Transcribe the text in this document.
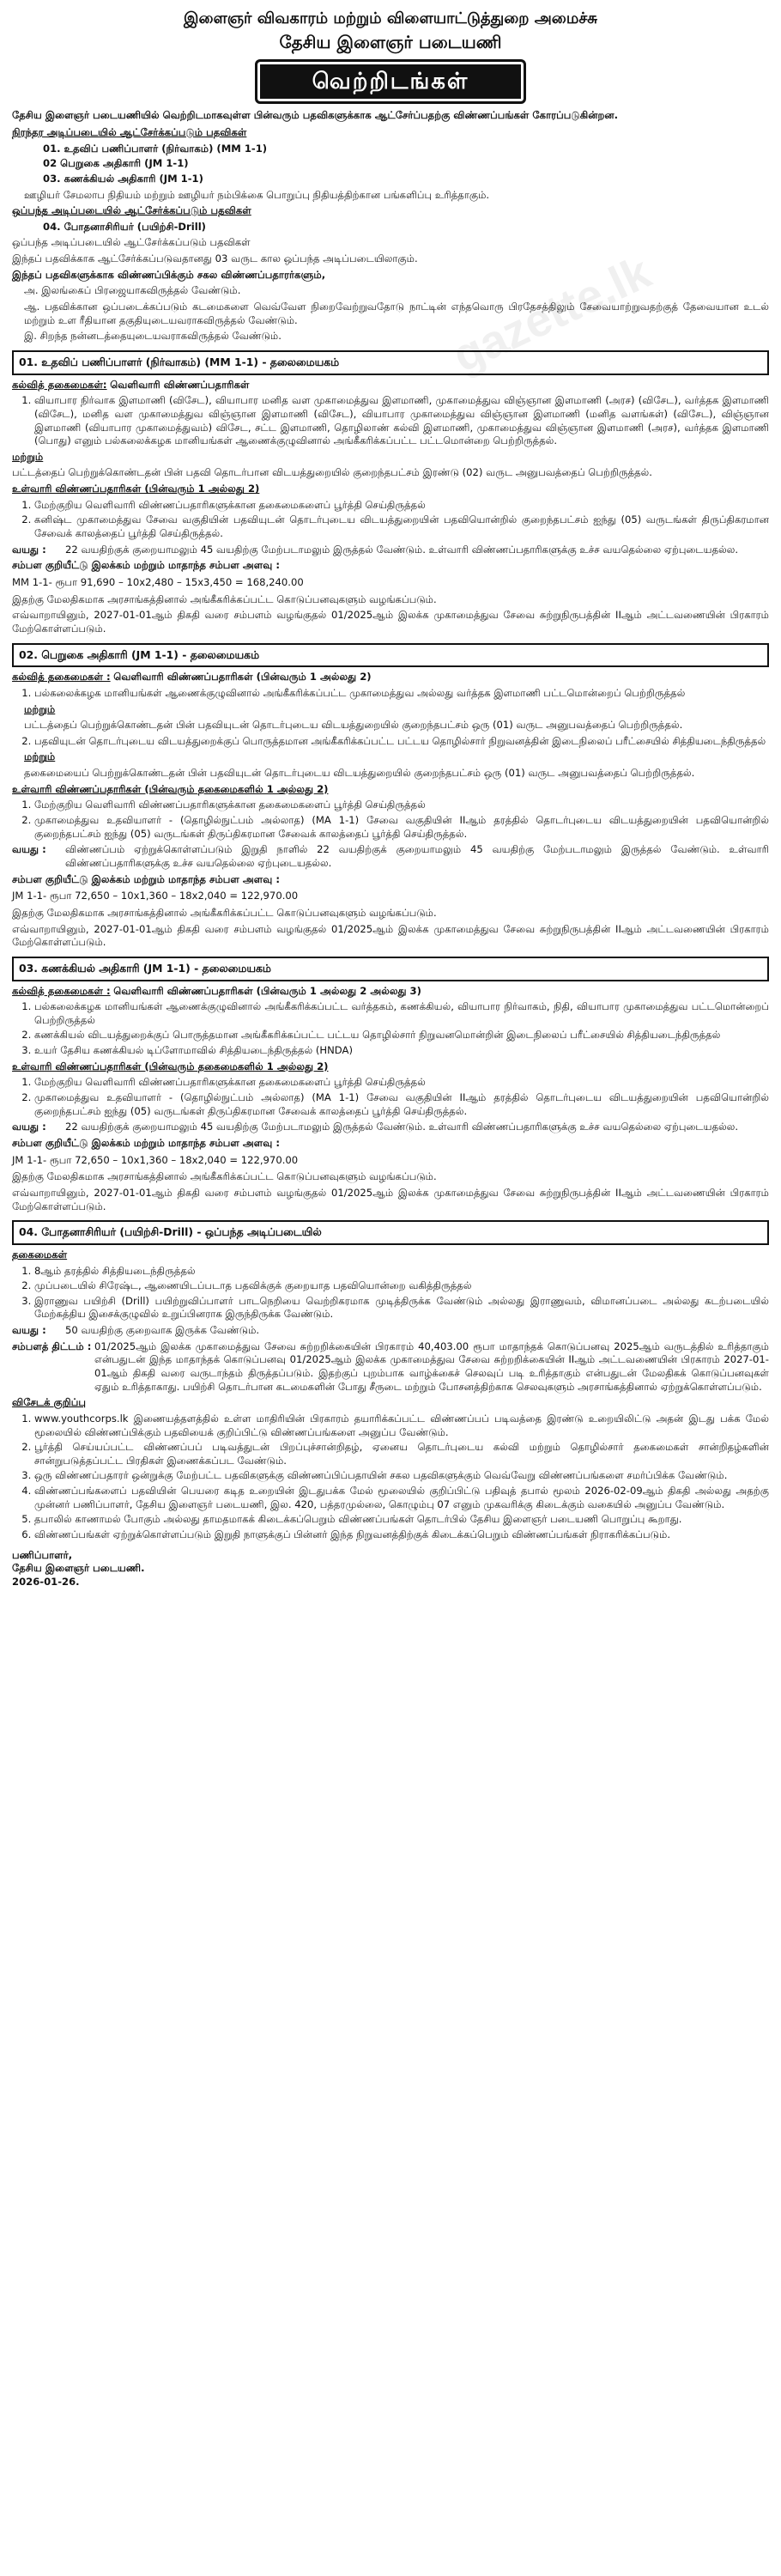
gazette.lk
இளைஞர் விவகாரம் மற்றும் விளையாட்டுத்துறை அமைச்சு
தேசிய இளைஞர் படையணி
வெற்றிடங்கள்

தேசிய இளைஞர் படையணியில் வெற்றிடமாகவுள்ள பின்வரும் பதவிகளுக்காக ஆட்சேர்ப்பதற்கு விண்ணப்பங்கள் கோரப்படுகின்றன.

நிரந்தர அடிப்படையில் ஆட்சேர்க்கப்படும் பதவிகள்

01. உதவிப் பணிப்பாளர் (நிர்வாகம்) (MM 1-1)

02 பெறுகை அதிகாரி (JM 1-1)

03. கணக்கியல் அதிகாரி (JM 1-1)

ஊழியர் சேமலாப நிதியம் மற்றும் ஊழியர் நம்பிக்கை பொறுப்பு நிதியத்திற்கான பங்களிப்பு உரித்தாகும்.

ஒப்பந்த அடிப்படையில் ஆட்சேர்க்கப்படும் பதவிகள்

04. போதனாசிரியர் (பயிற்சி-Drill)

ஒப்பந்த அடிப்படையில் ஆட்சேர்க்கப்படும் பதவிகள்

இந்தப் பதவிக்காக ஆட்சேர்க்கப்படுவதானது 03 வருட கால ஒப்பந்த அடிப்படையிலாகும்.

இந்தப் பதவிகளுக்காக விண்ணப்பிக்கும் சகல விண்ணப்பதாரர்களும்,

அ. இலங்கைப் பிரஜையாகவிருத்தல் வேண்டும்.

ஆ. பதவிக்கான ஒப்படைக்கப்படும் கடமைகளை வெவ்வேள நிறைவேற்றுவதோடு நாட்டின் எந்தவொரு பிரதேசத்திலும் சேவையாற்றுவதற்குத் தேவையான உடல் மற்றும் உள ரீதியான தகுதியுடையவராகவிருத்தல் வேண்டும்.

இ. சிறந்த நன்னடத்தையுடையவராகவிருத்தல் வேண்டும்.

01. உதவிப் பணிப்பாளர் (நிர்வாகம்) (MM 1-1) - தலைமையகம்

கல்வித் தகைமைகள்: வெளிவாரி விண்ணப்பதாரிகள்

1. வியாபார நிர்வாக இளமாணி (விசேட), வியாபார மனித வள முகாமைத்துவ இளமாணி, முகாமைத்துவ விஞ்ஞான இளமாணி (அரச) (விசேட), வர்த்தக இளமாணி (விசேட), மனித வள முகாமைத்துவ விஞ்ஞான இளமாணி (விசேட), வியாபார முகாமைத்துவ விஞ்ஞான இளமாணி (மனித வளங்கள்) (விசேட), விஞ்ஞான இளமாணி (வியாபார முகாமைத்துவம்) விசேட, சட்ட இளமாணி, தொழிலாண் கல்வி இளமாணி, முகாமைத்துவ விஞ்ஞான இளமாணி (அரச), வர்த்தக இளமாணி (பொது) எனும் பல்கலைக்கழக மானியங்கள் ஆணைக்குழுவினால் அங்கீகரிக்கப்பட்ட பட்டமொன்றை பெற்றிருத்தல்.

மற்றும்

பட்டத்தைப் பெற்றுக்கொண்டதன் பின் பதவி தொடர்பான விடயத்துறையில் குறைந்தபட்சம் இரண்டு (02) வருட அனுபவத்தைப் பெற்றிருத்தல்.

உள்வாரி விண்ணப்பதாரிகள் (பின்வரும் 1 அல்லது 2)

1. மேற்குறிய வெளிவாரி விண்ணப்பதாரிகளுக்கான தகைமைகளைப் பூர்த்தி செய்திருத்தல்
2. கனிஷ்ட முகாமைத்துவ சேவை வகுதியின் பதவியுடன் தொடர்புடைய விடயத்துறையின் பதவியொன்றில் குறைந்தபட்சம் ஐந்து (05) வருடங்கள் திருப்திகரமான சேவைக் காலத்தைப் பூர்த்தி செய்திருத்தல்.
வயது :	22 வயதிற்குக் குறையாமலும் 45 வயதிற்கு மேற்படாமலும் இருத்தல் வேண்டும். உள்வாரி விண்ணப்பதாரிகளுக்கு உச்ச வயதெல்லை ஏற்புடையதல்ல.

சம்பள குறியீட்டு இலக்கம் மற்றும் மாதாந்த சம்பள அளவு :

MM 1-1- ரூபா 91,690 – 10x2,480 – 15x3,450 = 168,240.00

இதற்கு மேலதிகமாக அரசாங்கத்தினால் அங்கீகரிக்கப்பட்ட கொடுப்பனவுகளும் வழங்கப்படும்.

எவ்வாறாயினும், 2027-01-01ஆம் திகதி வரை சம்பளம் வழங்குதல் 01/2025ஆம் இலக்க முகாமைத்துவ சேவை சுற்றுநிருபத்தின் IIஆம் அட்டவணையின் பிரகாரம் மேற்கொள்ளப்படும்.

02. பெறுகை அதிகாரி (JM 1-1) - தலைமையகம்

கல்வித் தகைமைகள் : வெளிவாரி விண்ணப்பதாரிகள் (பின்வரும் 1 அல்லது 2)

1. பல்கலைக்கழக மானியங்கள் ஆணைக்குழுவினால் அங்கீகரிக்கப்பட்ட முகாமைத்துவ அல்லது வர்த்தக இளமாணி பட்டமொன்றைப் பெற்றிருத்தல்

மற்றும்

பட்டத்தைப் பெற்றுக்கொண்டதன் பின் பதவியுடன் தொடர்புடைய விடயத்துறையில் குறைந்தபட்சம் ஒரு (01) வருட அனுபவத்தைப் பெற்றிருத்தல்.

2. பதவியுடன் தொடர்புடைய விடயத்துறைக்குப் பொருத்தமான அங்கீகரிக்கப்பட்ட பட்டய தொழில்சார் நிறுவனத்தின் இடைநிலைப் பரீட்சையில் சித்தியடைந்திருத்தல்

மற்றும்

தகைமையைப் பெற்றுக்கொண்டதன் பின் பதவியுடன் தொடர்புடைய விடயத்துறையில் குறைந்தபட்சம் ஒரு (01) வருட அனுபவத்தைப் பெற்றிருத்தல்.

உள்வாரி விண்ணப்பதாரிகள் (பின்வரும் தகைமைகளில் 1 அல்லது 2)

1. மேற்குறிய வெளிவாரி விண்ணப்பதாரிகளுக்கான தகைமைகளைப் பூர்த்தி செய்திருத்தல்
2. முகாமைத்துவ உதவியாளர் - (தொழில்நுட்பம் அல்லாத) (MA 1-1) சேவை வகுதியின் IIஆம் தரத்தில் தொடர்புடைய விடயத்துறையின் பதவியொன்றில் குறைந்தபட்சம் ஐந்து (05) வருடங்கள் திருப்திகரமான சேவைக் காலத்தைப் பூர்த்தி செய்திருத்தல்.
வயது :	விண்ணப்பம் ஏற்றுக்கொள்ளப்படும் இறுதி நாளில் 22 வயதிற்குக் குறையாமலும் 45 வயதிற்கு மேற்படாமலும் இருத்தல் வேண்டும். உள்வாரி விண்ணப்பதாரிகளுக்கு உச்ச வயதெல்லை ஏற்புடையதல்ல.

சம்பள குறியீட்டு இலக்கம் மற்றும் மாதாந்த சம்பள அளவு :

JM 1-1- ரூபா 72,650 – 10x1,360 – 18x2,040 = 122,970.00

இதற்கு மேலதிகமாக அரசாங்கத்தினால் அங்கீகரிக்கப்பட்ட கொடுப்பனவுகளும் வழங்கப்படும்.

எவ்வாறாயினும், 2027-01-01ஆம் திகதி வரை சம்பளம் வழங்குதல் 01/2025ஆம் இலக்க முகாமைத்துவ சேவை சுற்றுநிருபத்தின் IIஆம் அட்டவணையின் பிரகாரம் மேற்கொள்ளப்படும்.

03. கணக்கியல் அதிகாரி (JM 1-1) - தலைமையகம்

கல்வித் தகைமைகள் : வெளிவாரி விண்ணப்பதாரிகள் (பின்வரும் 1 அல்லது 2 அல்லது 3)

1. பல்கலைக்கழக மானியங்கள் ஆணைக்குழுவினால் அங்கீகரிக்கப்பட்ட வர்த்தகம், கணக்கியல், வியாபார நிர்வாகம், நிதி, வியாபார முகாமைத்துவ பட்டமொன்றைப் பெற்றிருத்தல்
2. கணக்கியல் விடயத்துறைக்குப் பொருத்தமான அங்கீகரிக்கப்பட்ட பட்டய தொழில்சார் நிறுவனமொன்றின் இடைநிலைப் பரீட்சையில் சித்தியடைந்திருத்தல்
3. உயர் தேசிய கணக்கியல் டிப்ளோமாவில் சித்தியடைந்திருத்தல் (HNDA)

உள்வாரி விண்ணப்பதாரிகள் (பின்வரும் தகைமைகளில் 1 அல்லது 2)

1. மேற்குறிய வெளிவாரி விண்ணப்பதாரிகளுக்கான தகைமைகளைப் பூர்த்தி செய்திருத்தல்
2. முகாமைத்துவ உதவியாளர் - (தொழில்நுட்பம் அல்லாத) (MA 1-1) சேவை வகுதியின் IIஆம் தரத்தில் தொடர்புடைய விடயத்துறையின் பதவியொன்றில் குறைந்தபட்சம் ஐந்து (05) வருடங்கள் திருப்திகரமான சேவைக் காலத்தைப் பூர்த்தி செய்திருத்தல்.
வயது :	22 வயதிற்குக் குறையாமலும் 45 வயதிற்கு மேற்படாமலும் இருத்தல் வேண்டும். உள்வாரி விண்ணப்பதாரிகளுக்கு உச்ச வயதெல்லை ஏற்புடையதல்ல.

சம்பள குறியீட்டு இலக்கம் மற்றும் மாதாந்த சம்பள அளவு :

JM 1-1- ரூபா 72,650 – 10x1,360 – 18x2,040 = 122,970.00

இதற்கு மேலதிகமாக அரசாங்கத்தினால் அங்கீகரிக்கப்பட்ட கொடுப்பனவுகளும் வழங்கப்படும்.

எவ்வாறாயினும், 2027-01-01ஆம் திகதி வரை சம்பளம் வழங்குதல் 01/2025ஆம் இலக்க முகாமைத்துவ சேவை சுற்றுநிருபத்தின் IIஆம் அட்டவணையின் பிரகாரம் மேற்கொள்ளப்படும்.

04. போதனாசிரியர் (பயிற்சி-Drill) - ஒப்பந்த அடிப்படையில்

தகைமைகள்

1. 8ஆம் தரத்தில் சித்தியடைந்திருத்தல்
2. முப்படையில் சிரேஷ்ட, ஆணையிடப்படாத பதவிக்குக் குறையாத பதவியொன்றை வகித்திருத்தல்
3. இராணுவ பயிற்சி (Drill) பயிற்றுவிப்பாளர் பாடநெறியை வெற்றிகரமாக முடித்திருக்க வேண்டும் அல்லது இராணுவம், விமானப்படை அல்லது கடற்படையில் மேற்கத்திய இசைக்குழுவில் உறுப்பினராக இருந்திருக்க வேண்டும்.
வயது :	50 வயதிற்கு குறைவாக இருக்க வேண்டும்.
சம்பளத் திட்டம் : 01/2025ஆம் இலக்க முகாமைத்துவ சேவை சுற்றறிக்கையின் பிரகாரம் 40,403.00 ரூபா மாதாந்தக் கொடுப்பனவு 2025ஆம் வருடத்தில் உரித்தாகும் என்பதுடன் இந்த மாதாந்தக் கொடுப்பனவு 01/2025ஆம் இலக்க முகாமைத்துவ சேவை சுற்றறிக்கையின் IIஆம் அட்டவணையின் பிரகாரம் 2027-01-01ஆம் திகதி வரை வருடாந்தம் திருத்தப்படும். இதற்குப் புறம்பாக வாழ்க்கைச் செலவுப் படி உரித்தாகும் என்பதுடன் மேலதிகக் கொடுப்பனவுகள் ஏதும் உரித்தாகாது. பயிற்சி தொடர்பான கடமைகளின் போது சீருடை மற்றும் போசனத்திற்காக செலவுகளும் அரசாங்கத்தினால் ஏற்றுக்கொள்ளப்படும்.

விசேடக் குறிப்பு

1. www.youthcorps.lk இணையத்தளத்தில் உள்ள மாதிரியின் பிரகாரம் தயாரிக்கப்பட்ட விண்ணப்பப் படிவத்தை இரண்டு உறையிலிட்டு அதன் இடது பக்க மேல் மூலையில் விண்ணப்பிக்கும் பதவியைக் குறிப்பிட்டு விண்ணப்பங்களை அனுப்ப வேண்டும்.
2. பூர்த்தி செய்யப்பட்ட விண்ணப்பப் படிவத்துடன் பிறப்புச்சான்றிதழ், ஏனைய தொடர்புடைய கல்வி மற்றும் தொழில்சார் தகைமைகள் சான்றிதழ்களின் சான்றுபடுத்தப்பட்ட பிரதிகள் இணைக்கப்பட வேண்டும்.
3. ஒரு விண்ணப்பதாரர் ஒன்றுக்கு மேற்பட்ட பதவிகளுக்கு விண்ணப்பிப்பதாயின் சகல பதவிகளுக்கும் வெவ்வேறு விண்ணப்பங்களை சமர்ப்பிக்க வேண்டும்.
4. விண்ணப்பங்களைப் பதவியின் பெயரை கடித உறையின் இடதுபக்க மேல் மூலையில் குறிப்பிட்டு பதிவுத் தபால் மூலம் 2026-02-09ஆம் திகதி அல்லது அதற்கு முன்னர் பணிப்பாளர், தேசிய இளைஞர் படையணி, இல. 420, பத்தரமுல்லை, கொழும்பு 07 எனும் முகவரிக்கு கிடைக்கும் வகையில் அனுப்ப வேண்டும்.
5. தபாலில் காணாமல் போகும் அல்லது தாமதமாகக் கிடைக்கப்பெறும் விண்ணப்பங்கள் தொடர்பில் தேசிய இளைஞர் படையணி பொறுப்பு கூறாது.
6. விண்ணப்பங்கள் ஏற்றுக்கொள்ளப்படும் இறுதி நாளுக்குப் பின்னர் இந்த நிறுவனத்திற்குக் கிடைக்கப்பெறும் விண்ணப்பங்கள் நிராகரிக்கப்படும்.
பணிப்பாளர்,
தேசிய இளைஞர் படையணி.
2026-01-26.
